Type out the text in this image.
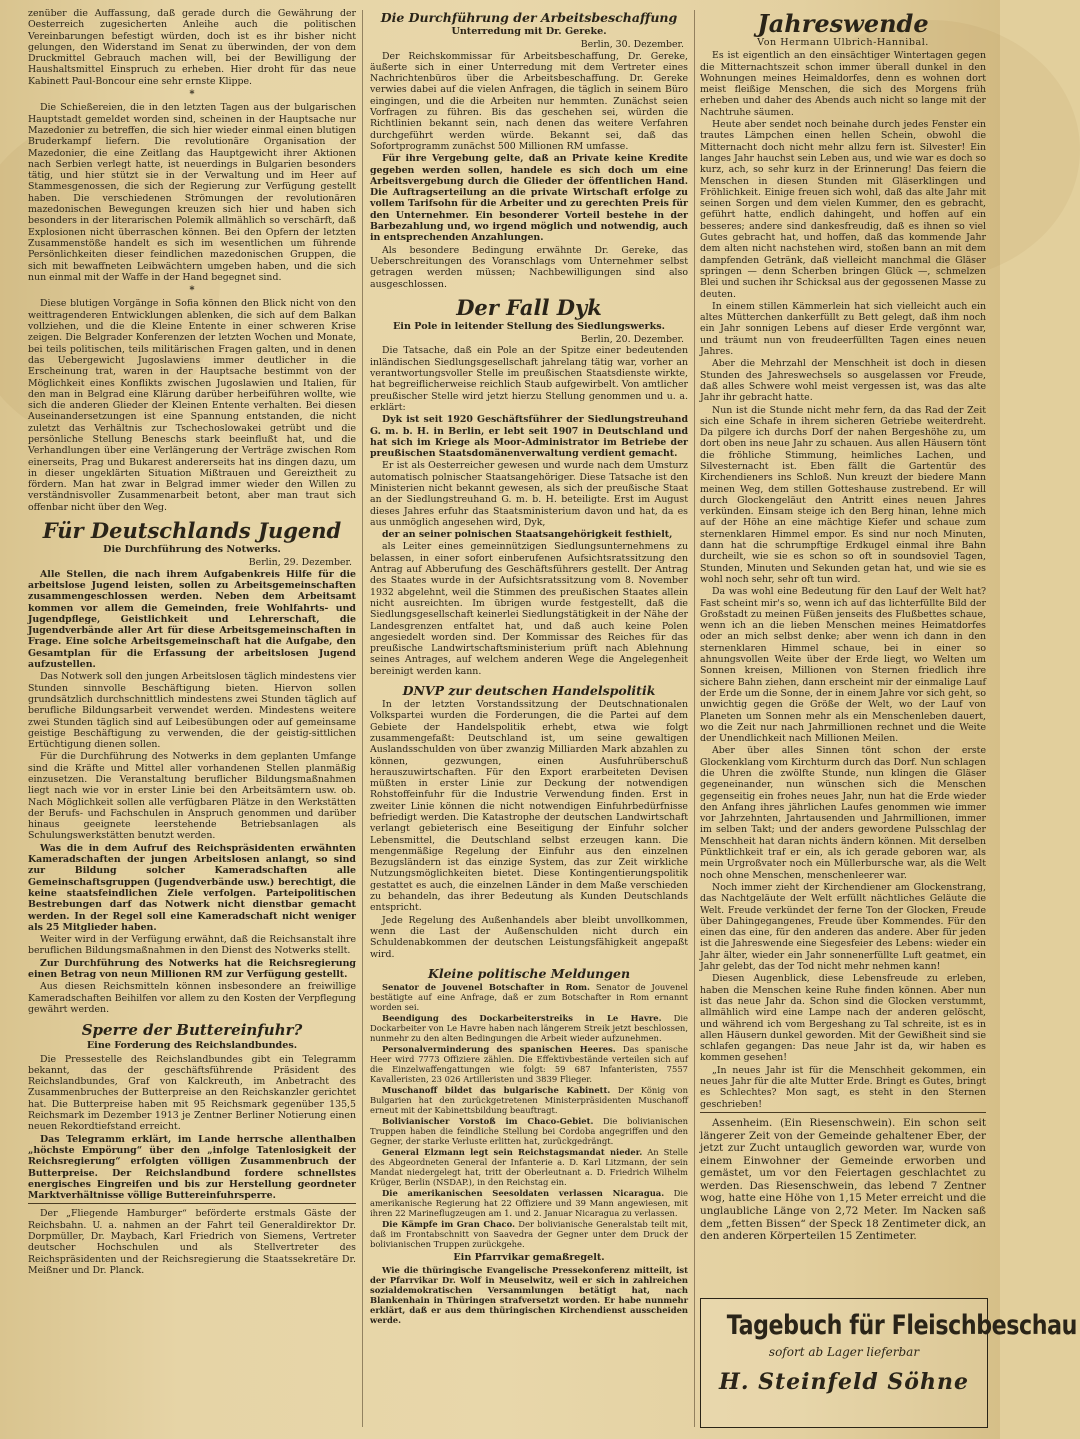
zenüber die Auffassung, daß gerade durch die Gewährung der Oesterreich zugesicherten Anleihe auch die politischen Vereinbarungen befestigt würden, doch ist es ihr bisher nicht gelungen, den Widerstand im Senat zu überwinden, der von dem Druckmittel Gebrauch machen will, bei der Bewilligung der Haushaltsmittel Einspruch zu erheben. Hier droht für das neue Kabinett Paul-Boncour eine sehr ernste Klippe.

*

Die Schießereien, die in den letzten Tagen aus der bulgarischen Hauptstadt gemeldet worden sind, scheinen in der Hauptsache nur Mazedonier zu betreffen, die sich hier wieder einmal einen blutigen Bruderkampf liefern. Die revolutionäre Organisation der Mazedonier, die eine Zeitlang das Hauptgewicht ihrer Aktionen nach Serbien verlegt hatte, ist neuerdings in Bulgarien besonders tätig, und hier stützt sie in der Verwaltung und im Heer auf Stammesgenossen, die sich der Regierung zur Verfügung gestellt haben. Die verschiedenen Strömungen der revolutionären mazedonischen Bewegungen kreuzen sich hier und haben sich besonders in der literarischen Polemik allmählich so verschärft, daß Explosionen nicht überraschen können. Bei den Opfern der letzten Zusammenstöße handelt es sich im wesentlichen um führende Persönlichkeiten dieser feindlichen mazedonischen Gruppen, die sich mit bewaffneten Leibwächtern umgeben haben, und die sich nun einmal mit der Waffe in der Hand begegnet sind.

*

Diese blutigen Vorgänge in Sofia können den Blick nicht von den weittragenderen Entwicklungen ablenken, die sich auf dem Balkan vollziehen, und die die Kleine Entente in einer schweren Krise zeigen. Die Belgrader Konferenzen der letzten Wochen und Monate, bei teils politischen, teils militärischen Fragen galten, und in denen das Uebergewicht Jugoslawiens immer deutlicher in die Erscheinung trat, waren in der Hauptsache bestimmt von der Möglichkeit eines Konflikts zwischen Jugoslawien und Italien, für den man in Belgrad eine Klärung darüber herbeiführen wollte, wie sich die anderen Glieder der Kleinen Entente verhalten. Bei diesen Auseinandersetzungen ist eine Spannung entstanden, die nicht zuletzt das Verhältnis zur Tschechoslowakei getrübt und die persönliche Stellung Beneschs stark beeinflußt hat, und die Verhandlungen über eine Verlängerung der Verträge zwischen Rom einerseits, Prag und Bukarest andererseits hat ins dingen dazu, um in dieser ungeklärten Situation Mißtrauen und Gereiztheit zu fördern. Man hat zwar in Belgrad immer wieder den Willen zu verständnisvoller Zusammenarbeit betont, aber man traut sich offenbar nicht über den Weg.

Für Deutschlands Jugend
Die Durchführung des Notwerks.
Berlin, 29. Dezember.

Alle Stellen, die nach ihrem Aufgabenkreis Hilfe für die arbeitslose Jugend leisten, sollen zu Arbeitsgemeinschaften zusammengeschlossen werden. Neben dem Arbeitsamt kommen vor allem die Gemeinden, freie Wohlfahrts- und Jugendpflege, Geistlichkeit und Lehrerschaft, die Jugendverbände aller Art für diese Arbeitsgemeinschaften in Frage. Eine solche Arbeitsgemeinschaft hat die Aufgabe, den Gesamtplan für die Erfassung der arbeitslosen Jugend aufzustellen.

Das Notwerk soll den jungen Arbeitslosen täglich mindestens vier Stunden sinnvolle Beschäftigung bieten. Hiervon sollen grundsätzlich durchschnittlich mindestens zwei Stunden täglich auf berufliche Bildungsarbeit verwendet werden. Mindestens weitere zwei Stunden täglich sind auf Leibesübungen oder auf gemeinsame geistige Beschäftigung zu verwenden, die der geistig-sittlichen Ertüchtigung dienen sollen.

Für die Durchführung des Notwerks in dem geplanten Umfange sind die Kräfte und Mittel aller vorhandenen Stellen planmäßig einzusetzen. Die Veranstaltung beruflicher Bildungsmaßnahmen liegt nach wie vor in erster Linie bei den Arbeitsämtern usw. ob. Nach Möglichkeit sollen alle verfügbaren Plätze in den Werkstätten der Berufs- und Fachschulen in Anspruch genommen und darüber hinaus geeignete leerstehende Betriebsanlagen als Schulungswerkstätten benutzt werden.

Was die in dem Aufruf des Reichspräsidenten erwähnten Kameradschaften der jungen Arbeitslosen anlangt, so sind zur Bildung solcher Kameradschaften alle Gemeinschaftsgruppen (Jugendverbände usw.) berechtigt, die keine staatsfeindlichen Ziele verfolgen. Parteipolitischen Bestrebungen darf das Notwerk nicht dienstbar gemacht werden. In der Regel soll eine Kameradschaft nicht weniger als 25 Mitglieder haben.

Weiter wird in der Verfügung erwähnt, daß die Reichsanstalt ihre beruflichen Bildungsmaßnahmen in den Dienst des Notwerks stellt.

Zur Durchführung des Notwerks hat die Reichsregierung einen Betrag von neun Millionen RM zur Verfügung gestellt.

Aus diesen Reichsmitteln können insbesondere an freiwillige Kameradschaften Beihilfen vor allem zu den Kosten der Verpflegung gewährt werden.

Sperre der Buttereinfuhr?
Eine Forderung des Reichslandbundes.

Die Pressestelle des Reichslandbundes gibt ein Telegramm bekannt, das der geschäftsführende Präsident des Reichslandbundes, Graf von Kalckreuth, im Anbetracht des Zusammenbruches der Butterpreise an den Reichskanzler gerichtet hat. Die Butterpreise haben mit 95 Reichsmark gegenüber 135,5 Reichsmark im Dezember 1913 je Zentner Berliner Notierung einen neuen Rekordtiefstand erreicht.

Das Telegramm erklärt, im Lande herrsche allenthalben „höchste Empörung“ über den „infolge Tatenlosigkeit der Reichsregierung“ erfolgten völligen Zusammenbruch der Butterpreise. Der Reichslandbund fordere schnellstes energisches Eingreifen und bis zur Herstellung geordneter Marktverhältnisse völlige Buttereinfuhrsperre.

Der „Fliegende Hamburger“ beförderte erstmals Gäste der Reichsbahn. U. a. nahmen an der Fahrt teil Generaldirektor Dr. Dorpmüller, Dr. Maybach, Karl Friedrich von Siemens, Vertreter deutscher Hochschulen und als Stellvertreter des Reichspräsidenten und der Reichsregierung die Staatssekretäre Dr. Meißner und Dr. Planck.

Die Durchführung der Arbeitsbeschaffung
Unterredung mit Dr. Gereke.
Berlin, 30. Dezember.

Der Reichskommissar für Arbeitsbeschaffung, Dr. Gereke, äußerte sich in einer Unterredung mit dem Vertreter eines Nachrichtenbüros über die Arbeitsbeschaffung. Dr. Gereke verwies dabei auf die vielen Anfragen, die täglich in seinem Büro eingingen, und die die Arbeiten nur hemmten. Zunächst seien Vorfragen zu führen. Bis das geschehen sei, würden die Richtlinien bekannt sein, nach denen das weitere Verfahren durchgeführt werden würde. Bekannt sei, daß das Sofortprogramm zunächst 500 Millionen RM umfasse.

Für ihre Vergebung gelte, daß an Private keine Kredite gegeben werden sollen, handele es sich doch um eine Arbeitsvergebung durch die Glieder der öffentlichen Hand. Die Auftragserteilung an die private Wirtschaft erfolge zu vollem Tarifsohn für die Arbeiter und zu gerechten Preis für den Unternehmer. Ein besonderer Vorteil bestehe in der Barbezahlung und, wo irgend möglich und notwendig, auch in entsprechenden Anzahlungen.

Als besondere Bedingung erwähnte Dr. Gereke, das Ueberschreitungen des Voranschlags vom Unternehmer selbst getragen werden müssen; Nachbewilligungen sind also ausgeschlossen.

Der Fall Dyk
Ein Pole in leitender Stellung des Siedlungswerks.
Berlin, 20. Dezember.

Die Tatsache, daß ein Pole an der Spitze einer bedeutenden inländischen Siedlungsgesellschaft jahrelang tätig war, vorher an verantwortungsvoller Stelle im preußischen Staatsdienste wirkte, hat begreiflicherweise reichlich Staub aufgewirbelt. Von amtlicher preußischer Stelle wird jetzt hierzu Stellung genommen und u. a. erklärt:

Dyk ist seit 1920 Geschäftsführer der Siedlungstreuhand G. m. b. H. in Berlin, er lebt seit 1907 in Deutschland und hat sich im Kriege als Moor-Administrator im Betriebe der preußischen Staatsdomänenverwaltung verdient gemacht.

Er ist als Oesterreicher gewesen und wurde nach dem Umsturz automatisch polnischer Staatsangehöriger. Diese Tatsache ist den Ministerien nicht bekannt gewesen, als sich der preußische Staat an der Siedlungstreuhand G. m. b. H. beteiligte. Erst im August dieses Jahres erfuhr das Staatsministerium davon und hat, da es aus unmöglich angesehen wird, Dyk,

der an seiner polnischen Staatsangehörigkeit festhielt,

als Leiter eines gemeinnützigen Siedlungsunternehmens zu belassen, in einer sofort einberufenen Aufsichtsratssitzung den Antrag auf Abberufung des Geschäftsführers gestellt. Der Antrag des Staates wurde in der Aufsichtsratssitzung vom 8. November 1932 abgelehnt, weil die Stimmen des preußischen Staates allein nicht ausreichten. Im übrigen wurde festgestellt, daß die Siedlungsgesellschaft keinerlei Siedlungstätigkeit in der Nähe der Landesgrenzen entfaltet hat, und daß auch keine Polen angesiedelt worden sind. Der Kommissar des Reiches für das preußische Landwirtschaftsministerium prüft nach Ablehnung seines Antrages, auf welchem anderen Wege die Angelegenheit bereinigt werden kann.

DNVP zur deutschen Handelspolitik

In der letzten Vorstandssitzung der Deutschnationalen Volkspartei wurden die Forderungen, die die Partei auf dem Gebiete der Handelspolitik erhebt, etwa wie folgt zusammengefaßt: Deutschland ist, um seine gewaltigen Auslandsschulden von über zwanzig Milliarden Mark abzahlen zu können, gezwungen, einen Ausfuhrüberschuß herauszuwirtschaften. Für den Export erarbeiteten Devisen müßten in erster Linie zur Deckung der notwendigen Rohstoffeinfuhr für die Industrie Verwendung finden. Erst in zweiter Linie können die nicht notwendigen Einfuhrbedürfnisse befriedigt werden. Die Katastrophe der deutschen Landwirtschaft verlangt gebieterisch eine Beseitigung der Einfuhr solcher Lebensmittel, die Deutschland selbst erzeugen kann. Die mengenmäßige Regelung der Einfuhr aus den einzelnen Bezugsländern ist das einzige System, das zur Zeit wirkliche Nutzungsmöglichkeiten bietet. Diese Kontingentierungspolitik gestattet es auch, die einzelnen Länder in dem Maße verschieden zu behandeln, das ihrer Bedeutung als Kunden Deutschlands entspricht.

Jede Regelung des Außenhandels aber bleibt unvollkommen, wenn die Last der Außenschulden nicht durch ein Schuldenabkommen der deutschen Leistungsfähigkeit angepaßt wird.

Kleine politische Meldungen

Senator de Jouvenel Botschafter in Rom. Senator de Jouvenel bestätigte auf eine Anfrage, daß er zum Botschafter in Rom ernannt worden sei.

Beendigung des Dockarbeiterstreiks in Le Havre. Die Dockarbeiter von Le Havre haben nach längerem Streik jetzt beschlossen, nunmehr zu den alten Bedingungen die Arbeit wieder aufzunehmen.

Personalverminderung des spanischen Heeres. Das spanische Heer wird 7773 Offiziere zählen. Die Effektivbestände verteilen sich auf die Einzelwaffengattungen wie folgt: 59 687 Infanteristen, 7557 Kavalleristen, 23 026 Artilleristen und 3839 Flieger.

Muschanoff bildet das bulgarische Kabinett. Der König von Bulgarien hat den zurückgetretenen Ministerpräsidenten Muschanoff erneut mit der Kabinettsbildung beauftragt.

Bolivianischer Vorstoß im Chaco-Gebiet. Die bolivianischen Truppen haben die feindliche Stellung bei Cordoba angegriffen und den Gegner, der starke Verluste erlitten hat, zurückgedrängt.

General Elzmann legt sein Reichstagsmandat nieder. An Stelle des Abgeordneten General der Infanterie a. D. Karl Litzmann, der sein Mandat niedergelegt hat, tritt der Oberleutnant a. D. Friedrich Wilhelm Krüger, Berlin (NSDAP.), in den Reichstag ein.

Die amerikanischen Seesoldaten verlassen Nicaragua. Die amerikanische Regierung hat 22 Offiziere und 39 Mann angewiesen, mit ihren 22 Marineflugzeugen am 1. und 2. Januar Nicaragua zu verlassen.

Die Kämpfe im Gran Chaco. Der bolivianische Generalstab teilt mit, daß im Frontabschnitt von Saavedra der Gegner unter dem Druck der bolivianischen Truppen zurückgehe.

Ein Pfarrvikar gemaßregelt.

Wie die thüringische Evangelische Pressekonferenz mitteilt, ist der Pfarrvikar Dr. Wolf in Meuselwitz, weil er sich in zahlreichen sozialdemokratischen Versammlungen betätigt hat, nach Blankenhain in Thüringen strafversetzt worden. Er habe nunmehr erklärt, daß er aus dem thüringischen Kirchendienst ausscheiden werde.

Jahreswende
Von Hermann Ulbrich-Hannibal.

Es ist eigentlich an den einsächtiger Wintertagen gegen die Mitternachtszeit schon immer überall dunkel in den Wohnungen meines Heimaldorfes, denn es wohnen dort meist fleißige Menschen, die sich des Morgens früh erheben und daher des Abends auch nicht so lange mit der Nachtruhe säumen.

Heute aber sendet noch beinahe durch jedes Fenster ein trautes Lämpchen einen hellen Schein, obwohl die Mitternacht doch nicht mehr allzu fern ist. Silvester! Ein langes Jahr hauchst sein Leben aus, und wie war es doch so kurz, ach, so sehr kurz in der Erinnerung! Das feiern die Menschen in diesen Stunden mit Gläserklingen und Fröhlichkeit. Einige freuen sich wohl, daß das alte Jahr mit seinen Sorgen und dem vielen Kummer, den es gebracht, geführt hatte, endlich dahingeht, und hoffen auf ein besseres; andere sind dankesfreudig, daß es ihnen so viel Gutes gebracht hat, und hoffen, daß das kommende Jahr dem alten nicht nachstehen wird, stoßen bann an mit dem dampfenden Getränk, daß vielleicht manchmal die Gläser springen — denn Scherben bringen Glück —, schmelzen Blei und suchen ihr Schicksal aus der gegossenen Masse zu deuten.

In einem stillen Kämmerlein hat sich vielleicht auch ein altes Mütterchen dankerfüllt zu Bett gelegt, daß ihm noch ein Jahr sonnigen Lebens auf dieser Erde vergönnt war, und träumt nun von freudeerfüllten Tagen eines neuen Jahres.

Aber die Mehrzahl der Menschheit ist doch in diesen Stunden des Jahreswechsels so ausgelassen vor Freude, daß alles Schwere wohl meist vergessen ist, was das alte Jahr ihr gebracht hatte.

Nun ist die Stunde nicht mehr fern, da das Rad der Zeit sich eine Schafe in ihrem sicheren Getriebe weiterdreht. Da pilgere ich durchs Dorf der nahen Bergeshöhe zu, um dort oben ins neue Jahr zu schauen. Aus allen Häusern tönt die fröhliche Stimmung, heimliches Lachen, und Silvesternacht ist. Eben fällt die Gartentür des Kirchendieners ins Schloß. Nun kreuzt der biedere Mann meinen Weg, dem stillen Gotteshause zustrebend. Er will durch Glockengeläut den Antritt eines neuen Jahres verkünden. Einsam steige ich den Berg hinan, lehne mich auf der Höhe an eine mächtige Kiefer und schaue zum sternenklaren Himmel empor. Es sind nur noch Minuten, dann hat die schrumpftige Erdkugel einmal ihre Bahn durcheilt, wie sie es schon so oft in soundsoviel Tagen, Stunden, Minuten und Sekunden getan hat, und wie sie es wohl noch sehr, sehr oft tun wird.

Da was wohl eine Bedeutung für den Lauf der Welt hat? Fast scheint mir's so, wenn ich auf das lichterfüllte Bild der Großstadt zu meinen Füßen jenseits des Flußbettes schaue, wenn ich an die lieben Menschen meines Heimatdorfes oder an mich selbst denke; aber wenn ich dann in den sternenklaren Himmel schaue, bei in einer so ahnungsvollen Weite über der Erde liegt, wo Welten um Sonnen kreisen, Millionen von Sternen friedlich ihre sichere Bahn ziehen, dann erscheint mir der einmalige Lauf der Erde um die Sonne, der in einem Jahre vor sich geht, so unwichtig gegen die Größe der Welt, wo der Lauf von Planeten um Sonnen mehr als ein Menschenleben dauert, wo die Zeit nur nach Jahrmillionen rechnet und die Weite der Unendlichkeit nach Millionen Meilen.

Aber über alles Sinnen tönt schon der erste Glockenklang vom Kirchturm durch das Dorf. Nun schlagen die Uhren die zwölfte Stunde, nun klingen die Gläser gegeneinander, nun wünschen sich die Menschen gegenseitig ein frohes neues Jahr, nun hat die Erde wieder den Anfang ihres jährlichen Laufes genommen wie immer vor Jahrzehnten, Jahrtausenden und Jahrmillionen, immer im selben Takt; und der anders gewordene Pulsschlag der Menschheit hat daran nichts ändern können. Mit derselben Pünktlichkeit traf er ein, als ich gerade geboren war, als mein Urgroßvater noch ein Müllerbursche war, als die Welt noch ohne Menschen, menschenleerer war.

Noch immer zieht der Kirchendiener am Glockenstrang, das Nachtgeläute der Welt erfüllt nächtliches Geläute die Welt. Freude verkündet der ferne Ton der Glocken, Freude über Dahingegangenes, Freude über Kommendes. Für den einen das eine, für den anderen das andere. Aber für jeden ist die Jahreswende eine Siegesfeier des Lebens: wieder ein Jahr älter, wieder ein Jahr sonnenerfüllte Luft geatmet, ein Jahr gelebt, das der Tod nicht mehr nehmen kann!

Diesen Augenblick, diese Lebensfreude zu erleben, haben die Menschen keine Ruhe finden können. Aber nun ist das neue Jahr da. Schon sind die Glocken verstummt, allmählich wird eine Lampe nach der anderen gelöscht, und während ich vom Bergeshang zu Tal schreite, ist es in allen Häusern dunkel geworden. Mit der Gewißheit sind sie schlafen gegangen: Das neue Jahr ist da, wir haben es kommen gesehen!

„In neues Jahr ist für die Menschheit gekommen, ein neues Jahr für die alte Mutter Erde. Bringt es Gutes, bringt es Schlechtes? Mon sagt, es steht in den Sternen geschrieben!

Assenheim. (Ein Riesenschwein). Ein schon seit längerer Zeit von der Gemeinde gehaltener Eber, der jetzt zur Zucht untauglich geworden war, wurde von einem Einwohner der Gemeinde erworben und gemästet, um vor den Feiertagen geschlachtet zu werden. Das Riesenschwein, das lebend 7 Zentner wog, hatte eine Höhe von 1,15 Meter erreicht und die unglaubliche Länge von 2,72 Meter. Im Nacken saß dem „fetten Bissen“ der Speck 18 Zentimeter dick, an den anderen Körperteilen 15 Zentimeter.

Tagebuch für Fleischbeschau
sofort ab Lager lieferbar
H. Steinfeld Söhne
